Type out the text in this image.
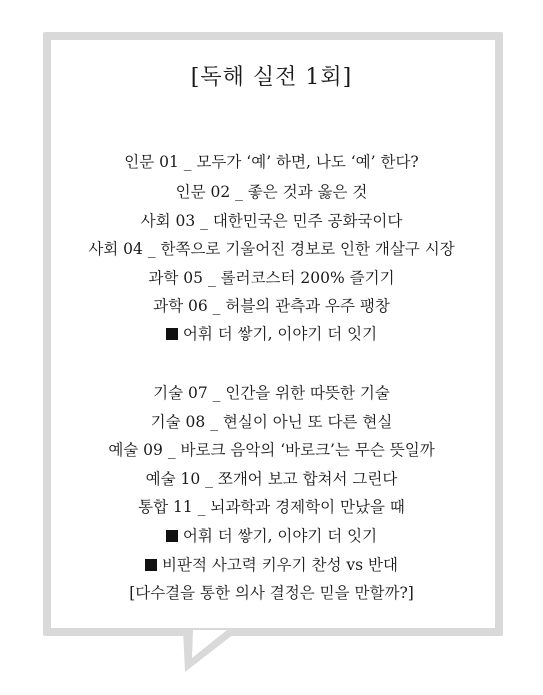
[독해 실전 1회]
인문 01 _ 모두가 ‘예’ 하면, 나도 ‘예’ 한다?
인문 02 _ 좋은 것과 옳은 것
사회 03 _ 대한민국은 민주 공화국이다
사회 04 _ 한쪽으로 기울어진 경보로 인한 개살구 시장
과학 05 _ 롤러코스터 200% 즐기기
과학 06 _ 허블의 관측과 우주 팽창
어휘 더 쌓기, 이야기 더 잇기
기술 07 _ 인간을 위한 따뜻한 기술
기술 08 _ 현실이 아닌 또 다른 현실
예술 09 _ 바로크 음악의 ‘바로크’는 무슨 뜻일까
예술 10 _ 쪼개어 보고 합쳐서 그린다
통합 11 _ 뇌과학과 경제학이 만났을 때
어휘 더 쌓기, 이야기 더 잇기
비판적 사고력 키우기 찬성 vs 반대
[다수결을 통한 의사 결정은 믿을 만할까?]
